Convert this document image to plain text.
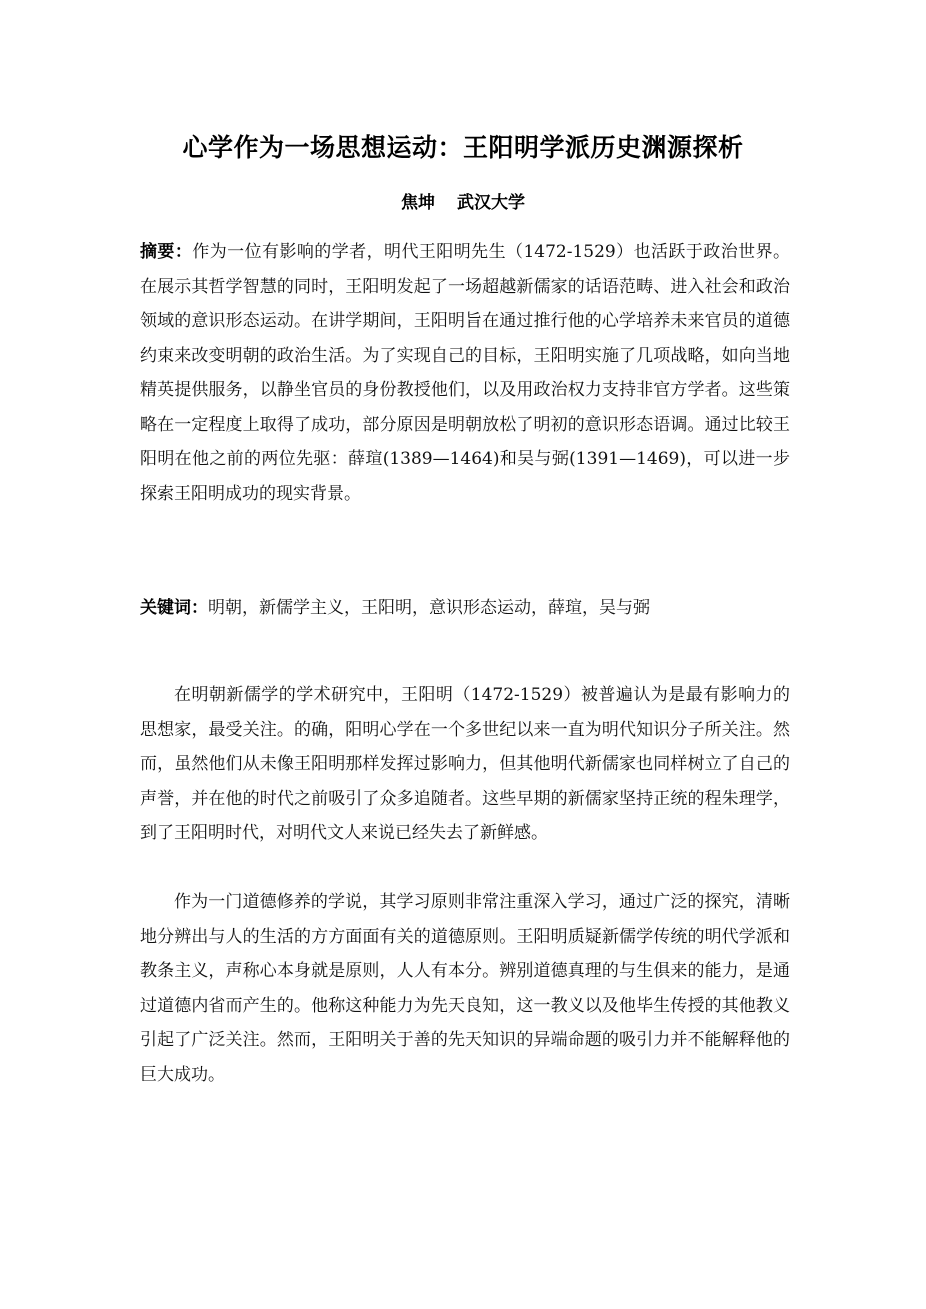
心学作为一场思想运动：王阳明学派历史渊源探析
焦坤 武汉大学

摘要：作为一位有影响的学者，明代王阳明先生（1472-1529）也活跃于政治世界。在展示其哲学智慧的同时，王阳明发起了一场超越新儒家的话语范畴、进入社会和政治领域的意识形态运动。在讲学期间，王阳明旨在通过推行他的心学培养未来官员的道德约束来改变明朝的政治生活。为了实现自己的目标，王阳明实施了几项战略，如向当地精英提供服务，以静坐官员的身份教授他们，以及用政治权力支持非官方学者。这些策略在一定程度上取得了成功，部分原因是明朝放松了明初的意识形态语调。通过比较王阳明在他之前的两位先驱：薛瑄(1389—1464)和吴与弼(1391—1469)，可以进一步探索王阳明成功的现实背景。

关键词：明朝，新儒学主义，王阳明，意识形态运动，薛瑄，吴与弼

在明朝新儒学的学术研究中，王阳明（1472-1529）被普遍认为是最有影响力的思想家，最受关注。的确，阳明心学在一个多世纪以来一直为明代知识分子所关注。然而，虽然他们从未像王阳明那样发挥过影响力，但其他明代新儒家也同样树立了自己的声誉，并在他的时代之前吸引了众多追随者。这些早期的新儒家坚持正统的程朱理学，到了王阳明时代，对明代文人来说已经失去了新鲜感。

作为一门道德修养的学说，其学习原则非常注重深入学习，通过广泛的探究，清晰地分辨出与人的生活的方方面面有关的道德原则。王阳明质疑新儒学传统的明代学派和教条主义，声称心本身就是原则，人人有本分。辨别道德真理的与生俱来的能力，是通过道德内省而产生的。他称这种能力为先天良知，这一教义以及他毕生传授的其他教义引起了广泛关注。然而，王阳明关于善的先天知识的异端命题的吸引力并不能解释他的巨大成功。
